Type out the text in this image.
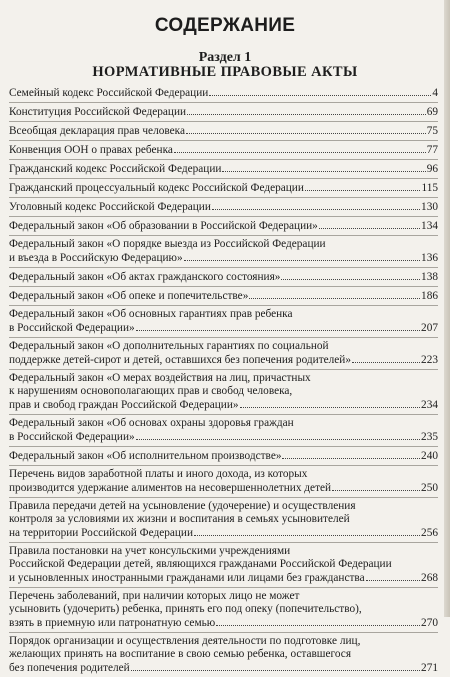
СОДЕРЖАНИЕ
Раздел 1
НОРМАТИВНЫЕ ПРАВОВЫЕ АКТЫ
Семейный кодекс Российской Федерации	4
Конституция Российской Федерации	69
Всеобщая декларация прав человека	75
Конвенция ООН о правах ребенка	77
Гражданский кодекс Российской Федерации	96
Гражданский процессуальный кодекс Российской Федерации	115
Уголовный кодекс Российской Федерации	130
Федеральный закон «Об образовании в Российской Федерации»	134
Федеральный закон «О порядке выезда из Российской Федерации
и въезда в Российскую Федерацию»	136
Федеральный закон «Об актах гражданского состояния»	138
Федеральный закон «Об опеке и попечительстве»	186
Федеральный закон «Об основных гарантиях прав ребенка
в Российской Федерации»	207
Федеральный закон «О дополнительных гарантиях по социальной
поддержке детей-сирот и детей, оставшихся без попечения родителей»	223
Федеральный закон «О мерах воздействия на лиц, причастных
к нарушениям основополагающих прав и свобод человека,
прав и свобод граждан Российской Федерации»	234
Федеральный закон «Об основах охраны здоровья граждан
в Российской Федерации»	235
Федеральный закон «Об исполнительном производстве»	240
Перечень видов заработной платы и иного дохода, из которых
производится удержание алиментов на несовершеннолетних детей	250
Правила передачи детей на усыновление (удочерение) и осуществления
контроля за условиями их жизни и воспитания в семьях усыновителей
на территории Российской Федерации	256
Правила постановки на учет консульскими учреждениями
Российской Федерации детей, являющихся гражданами Российской Федерации
и усыновленных иностранными гражданами или лицами без гражданства	268
Перечень заболеваний, при наличии которых лицо не может
усыновить (удочерить) ребенка, принять его под опеку (попечительство),
взять в приемную или патронатную семью	270
Порядок организации и осуществления деятельности по подготовке лиц,
желающих принять на воспитание в свою семью ребенка, оставшегося
без попечения родителей	271
